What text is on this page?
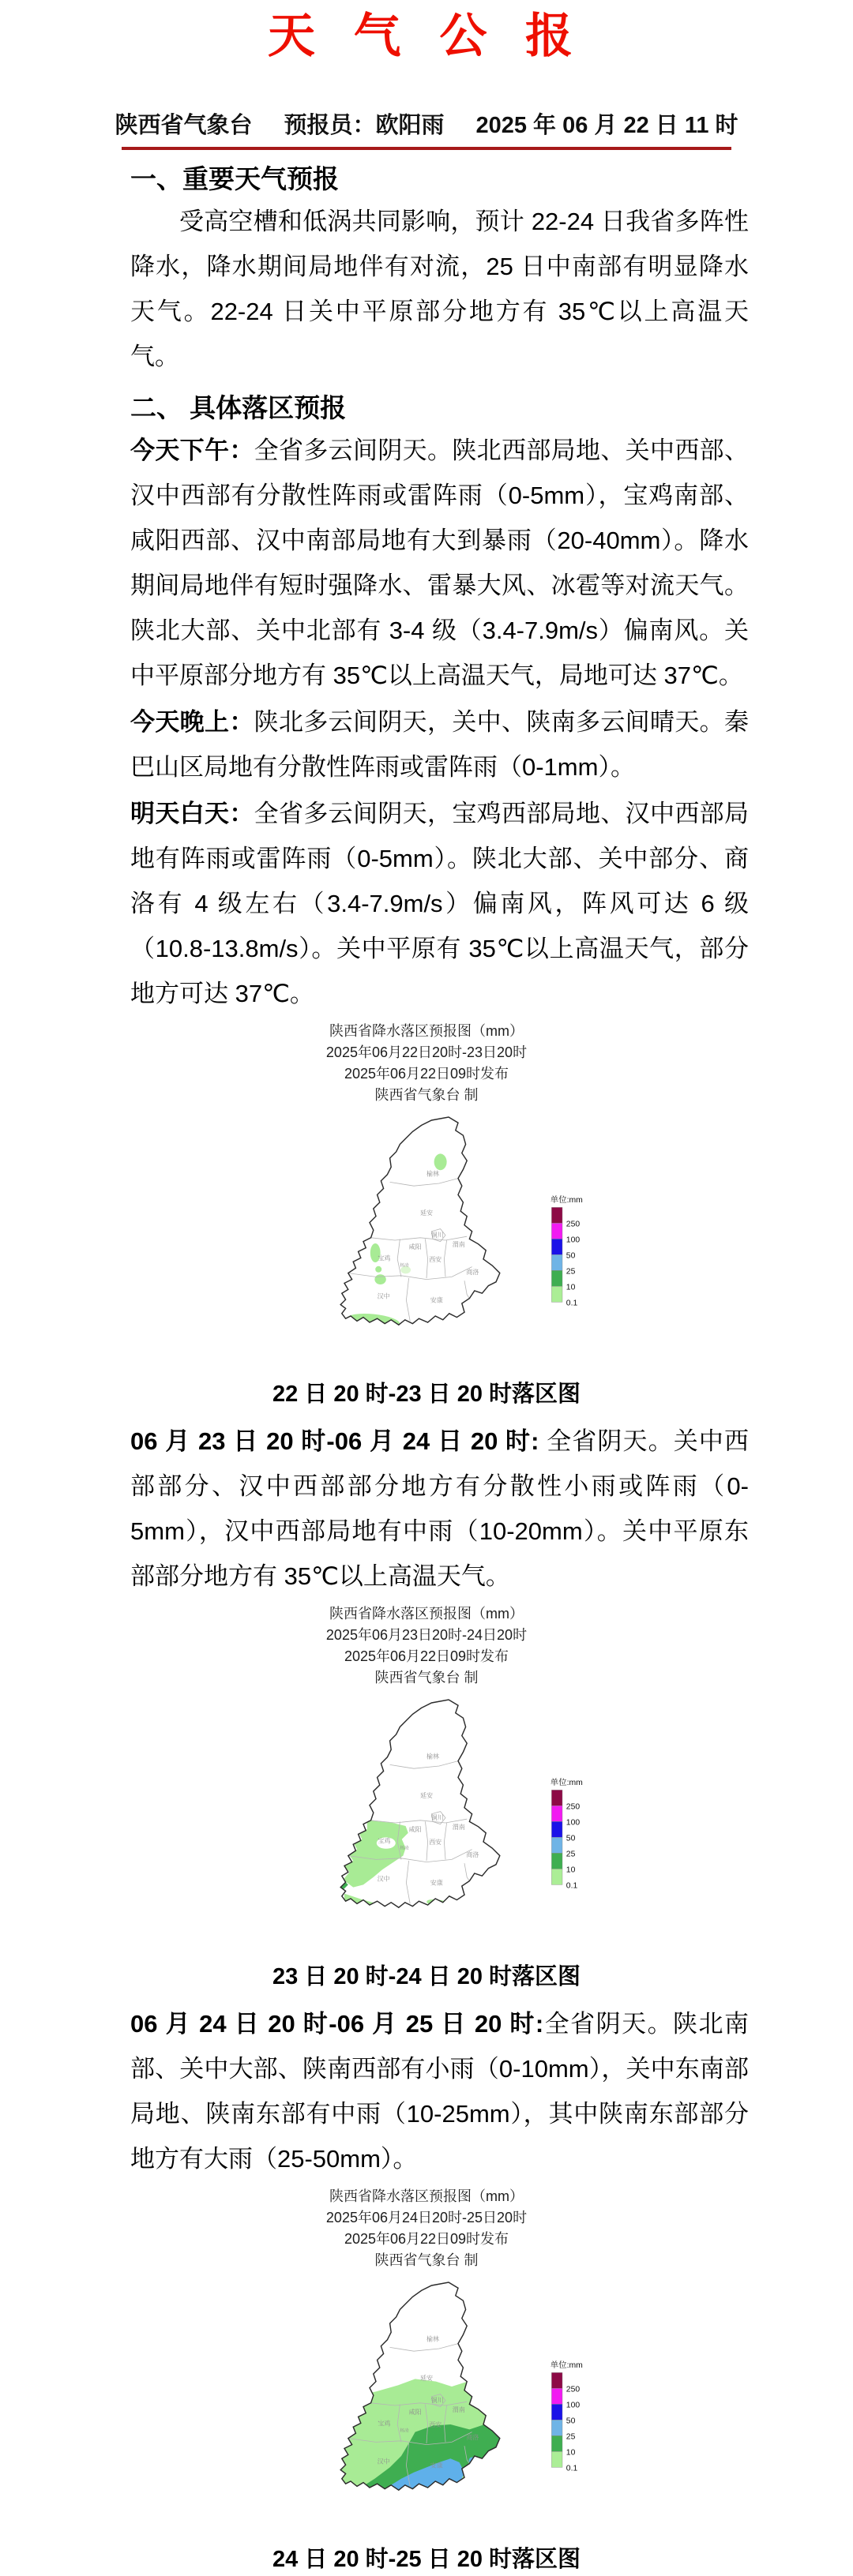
天 气 公 报
陕西省气象台 预报员：欧阳雨 2025 年 06 月 22 日 11 时
一、重要天气预报

受高空槽和低涡共同影响，预计 22-24 日我省多阵性降水，降水期间局地伴有对流，25 日中南部有明显降水天气。22-24 日关中平原部分地方有 35℃以上高温天气。

二、 具体落区预报

今天下午：全省多云间阴天。陕北西部局地、关中西部、汉中西部有分散性阵雨或雷阵雨（0-5mm），宝鸡南部、咸阳西部、汉中南部局地有大到暴雨（20-40mm）。降水期间局地伴有短时强降水、雷暴大风、冰雹等对流天气。陕北大部、关中北部有 3-4 级（3.4-7.9m/s）偏南风。关中平原部分地方有 35℃以上高温天气，局地可达 37℃。

今天晚上：陕北多云间阴天，关中、陕南多云间晴天。秦巴山区局地有分散性阵雨或雷阵雨（0-1mm）。

明天白天：全省多云间阴天，宝鸡西部局地、汉中西部局地有阵雨或雷阵雨（0-5mm）。陕北大部、关中部分、商洛有 4 级左右（3.4-7.9m/s）偏南风，阵风可达 6 级（10.8-13.8m/s）。关中平原有 35℃以上高温天气，部分地方可达 37℃。

陕西省降水落区预报图（mm）
2025年06月22日20时-23日20时
2025年06月22日09时发布
陕西省气象台 制
22 日 20 时-23 日 20 时落区图

06 月 23 日 20 时-06 月 24 日 20 时: 全省阴天。关中西部部分、汉中西部部分地方有分散性小雨或阵雨（0-5mm），汉中西部局地有中雨（10-20mm）。关中平原东部部分地方有 35℃以上高温天气。

陕西省降水落区预报图（mm）
2025年06月23日20时-24日20时
2025年06月22日09时发布
陕西省气象台 制
23 日 20 时-24 日 20 时落区图

06 月 24 日 20 时-06 月 25 日 20 时:全省阴天。陕北南部、关中大部、陕南西部有小雨（0-10mm），关中东南部局地、陕南东部有中雨（10-25mm），其中陕南东部部分地方有大雨（25-50mm）。

陕西省降水落区预报图（mm）
2025年06月24日20时-25日20时
2025年06月22日09时发布
陕西省气象台 制
24 日 20 时-25 日 20 时落区图
